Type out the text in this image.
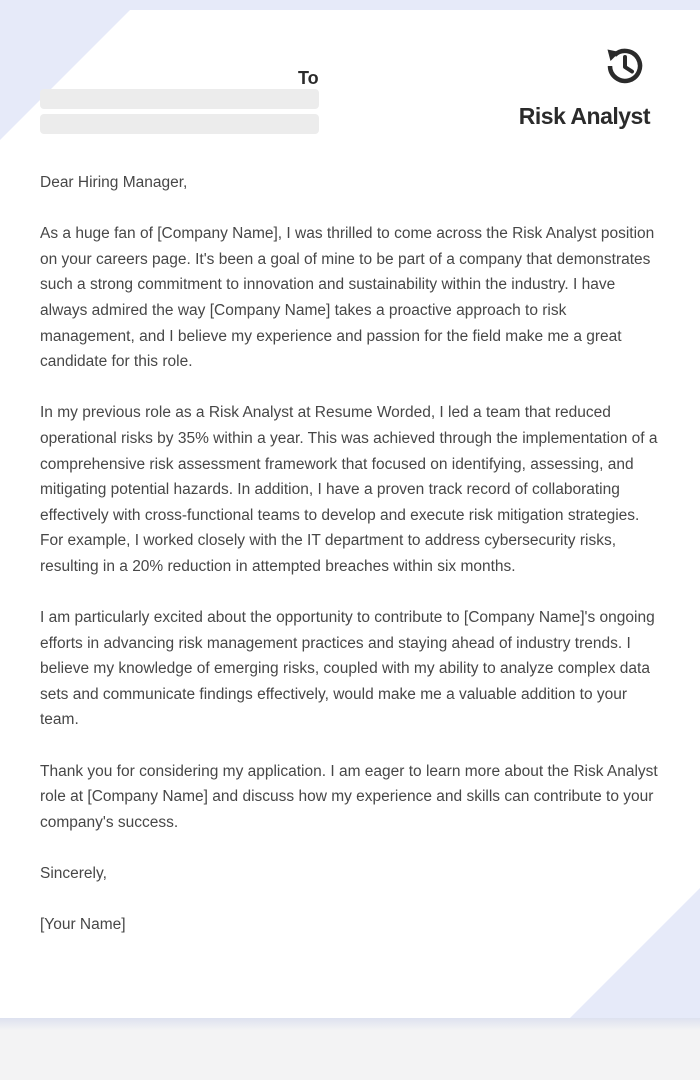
To
Risk Analyst

Dear Hiring Manager,

As a huge fan of [Company Name], I was thrilled to come across the Risk Analyst position on your careers page. It's been a goal of mine to be part of a company that demonstrates such a strong commitment to innovation and sustainability within the industry. I have always admired the way [Company Name] takes a proactive approach to risk management, and I believe my experience and passion for the field make me a great candidate for this role.

In my previous role as a Risk Analyst at Resume Worded, I led a team that reduced operational risks by 35% within a year. This was achieved through the implementation of a comprehensive risk assessment framework that focused on identifying, assessing, and mitigating potential hazards. In addition, I have a proven track record of collaborating effectively with cross-functional teams to develop and execute risk mitigation strategies. For example, I worked closely with the IT department to address cybersecurity risks, resulting in a 20% reduction in attempted breaches within six months.

I am particularly excited about the opportunity to contribute to [Company Name]'s ongoing efforts in advancing risk management practices and staying ahead of industry trends. I believe my knowledge of emerging risks, coupled with my ability to analyze complex data sets and communicate findings effectively, would make me a valuable addition to your team.

Thank you for considering my application. I am eager to learn more about the Risk Analyst role at [Company Name] and discuss how my experience and skills can contribute to your company's success.

Sincerely,

[Your Name]
